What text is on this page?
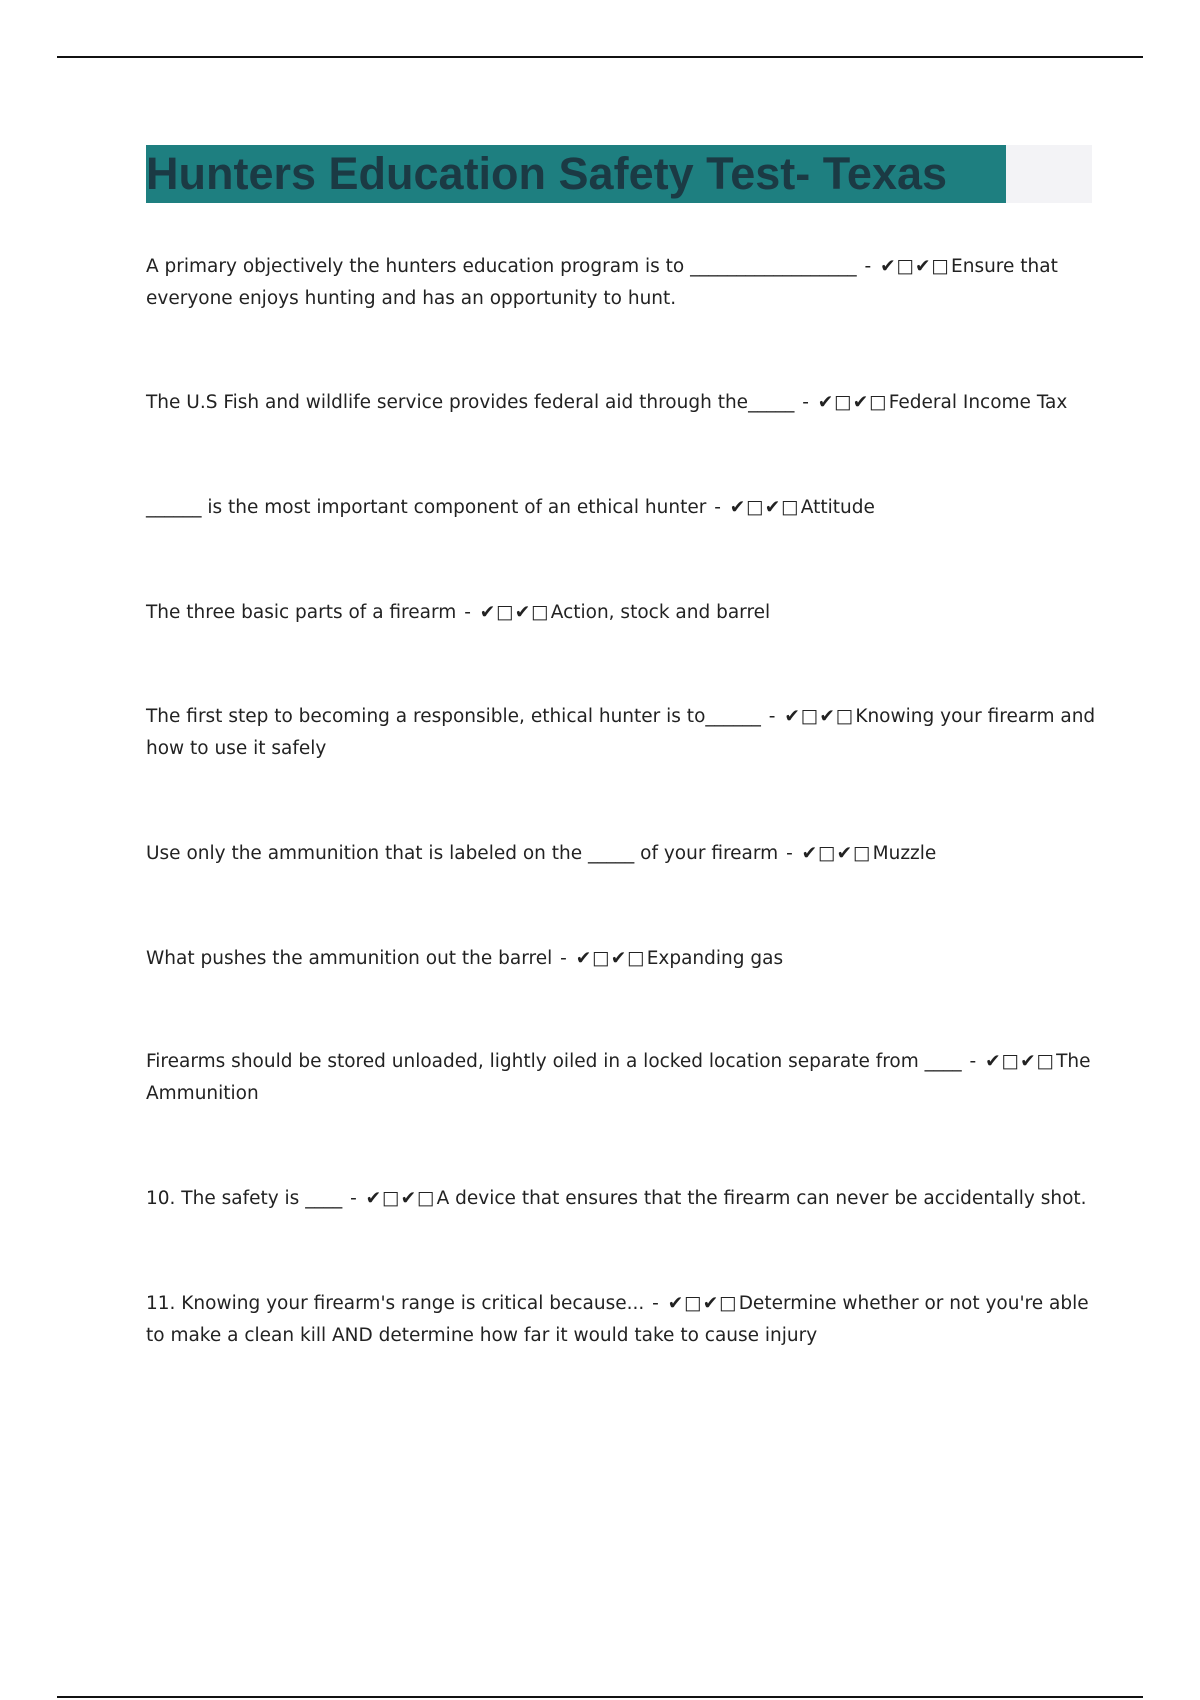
Hunters Education Safety Test- Texas
A primary objectively the hunters education program is to __________________ - ✔□✔□Ensure that everyone enjoys hunting and has an opportunity to hunt.
The U.S Fish and wildlife service provides federal aid through the_____ - ✔□✔□Federal Income Tax
______ is the most important component of an ethical hunter - ✔□✔□Attitude
The three basic parts of a firearm - ✔□✔□Action, stock and barrel
The first step to becoming a responsible, ethical hunter is to______ - ✔□✔□Knowing your firearm and how to use it safely
Use only the ammunition that is labeled on the _____ of your firearm - ✔□✔□Muzzle
What pushes the ammunition out the barrel - ✔□✔□Expanding gas
Firearms should be stored unloaded, lightly oiled in a locked location separate from ____ - ✔□✔□The Ammunition
10. The safety is ____ - ✔□✔□A device that ensures that the firearm can never be accidentally shot.
11. Knowing your firearm's range is critical because... - ✔□✔□Determine whether or not you're able to make a clean kill AND determine how far it would take to cause injury
